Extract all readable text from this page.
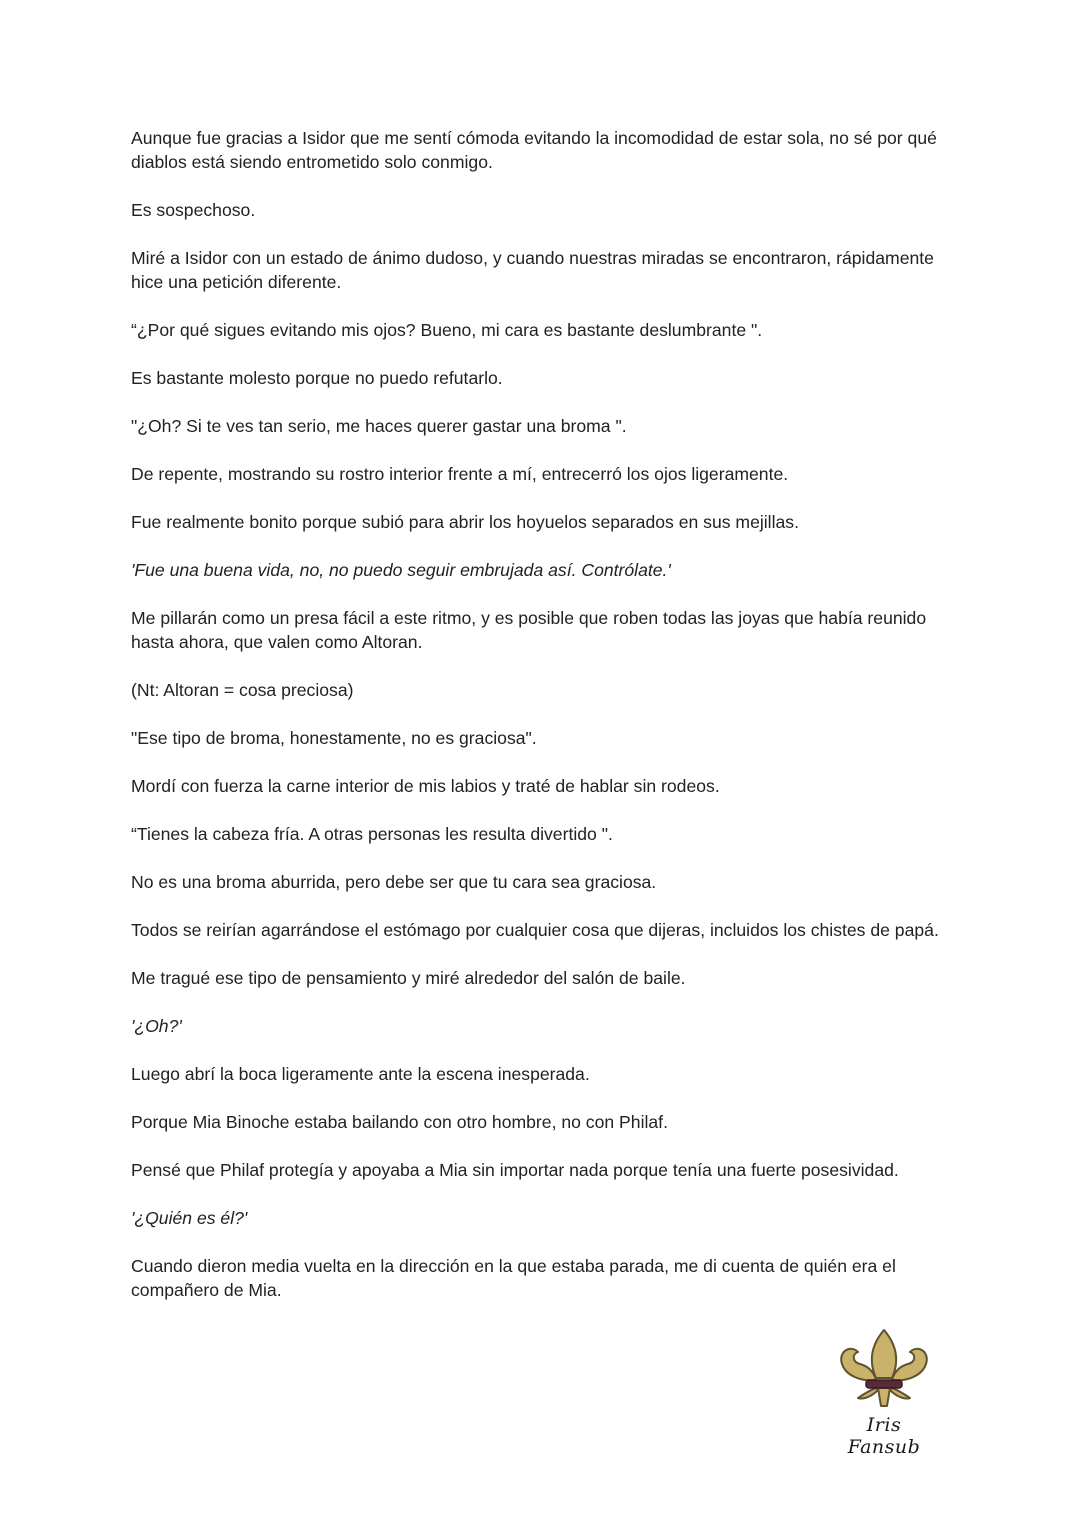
Aunque fue gracias a Isidor que me sentí cómoda evitando la incomodidad de estar sola, no sé por qué diablos está siendo entrometido solo conmigo.

Es sospechoso.

Miré a Isidor con un estado de ánimo dudoso, y cuando nuestras miradas se encontraron, rápidamente hice una petición diferente.

“¿Por qué sigues evitando mis ojos? Bueno, mi cara es bastante deslumbrante ".

Es bastante molesto porque no puedo refutarlo.

"¿Oh? Si te ves tan serio, me haces querer gastar una broma ".

De repente, mostrando su rostro interior frente a mí, entrecerró los ojos ligeramente.

Fue realmente bonito porque subió para abrir los hoyuelos separados en sus mejillas.

'Fue una buena vida, no, no puedo seguir embrujada así. Contrólate.'

Me pillarán como un presa fácil a este ritmo, y es posible que roben todas las joyas que había reunido hasta ahora, que valen como Altoran.

(Nt: Altoran = cosa preciosa)

"Ese tipo de broma, honestamente, no es graciosa".

Mordí con fuerza la carne interior de mis labios y traté de hablar sin rodeos.

“Tienes la cabeza fría. A otras personas les resulta divertido ".

No es una broma aburrida, pero debe ser que tu cara sea graciosa.

Todos se reirían agarrándose el estómago por cualquier cosa que dijeras, incluidos los chistes de papá.

Me tragué ese tipo de pensamiento y miré alrededor del salón de baile.

'¿Oh?'

Luego abrí la boca ligeramente ante la escena inesperada.

Porque Mia Binoche estaba bailando con otro hombre, no con Philaf.

Pensé que Philaf protegía y apoyaba a Mia sin importar nada porque tenía una fuerte posesividad.

'¿Quién es él?'

Cuando dieron media vuelta en la dirección en la que estaba parada, me di cuenta de quién era el compañero de Mia.

Iris Fansub
